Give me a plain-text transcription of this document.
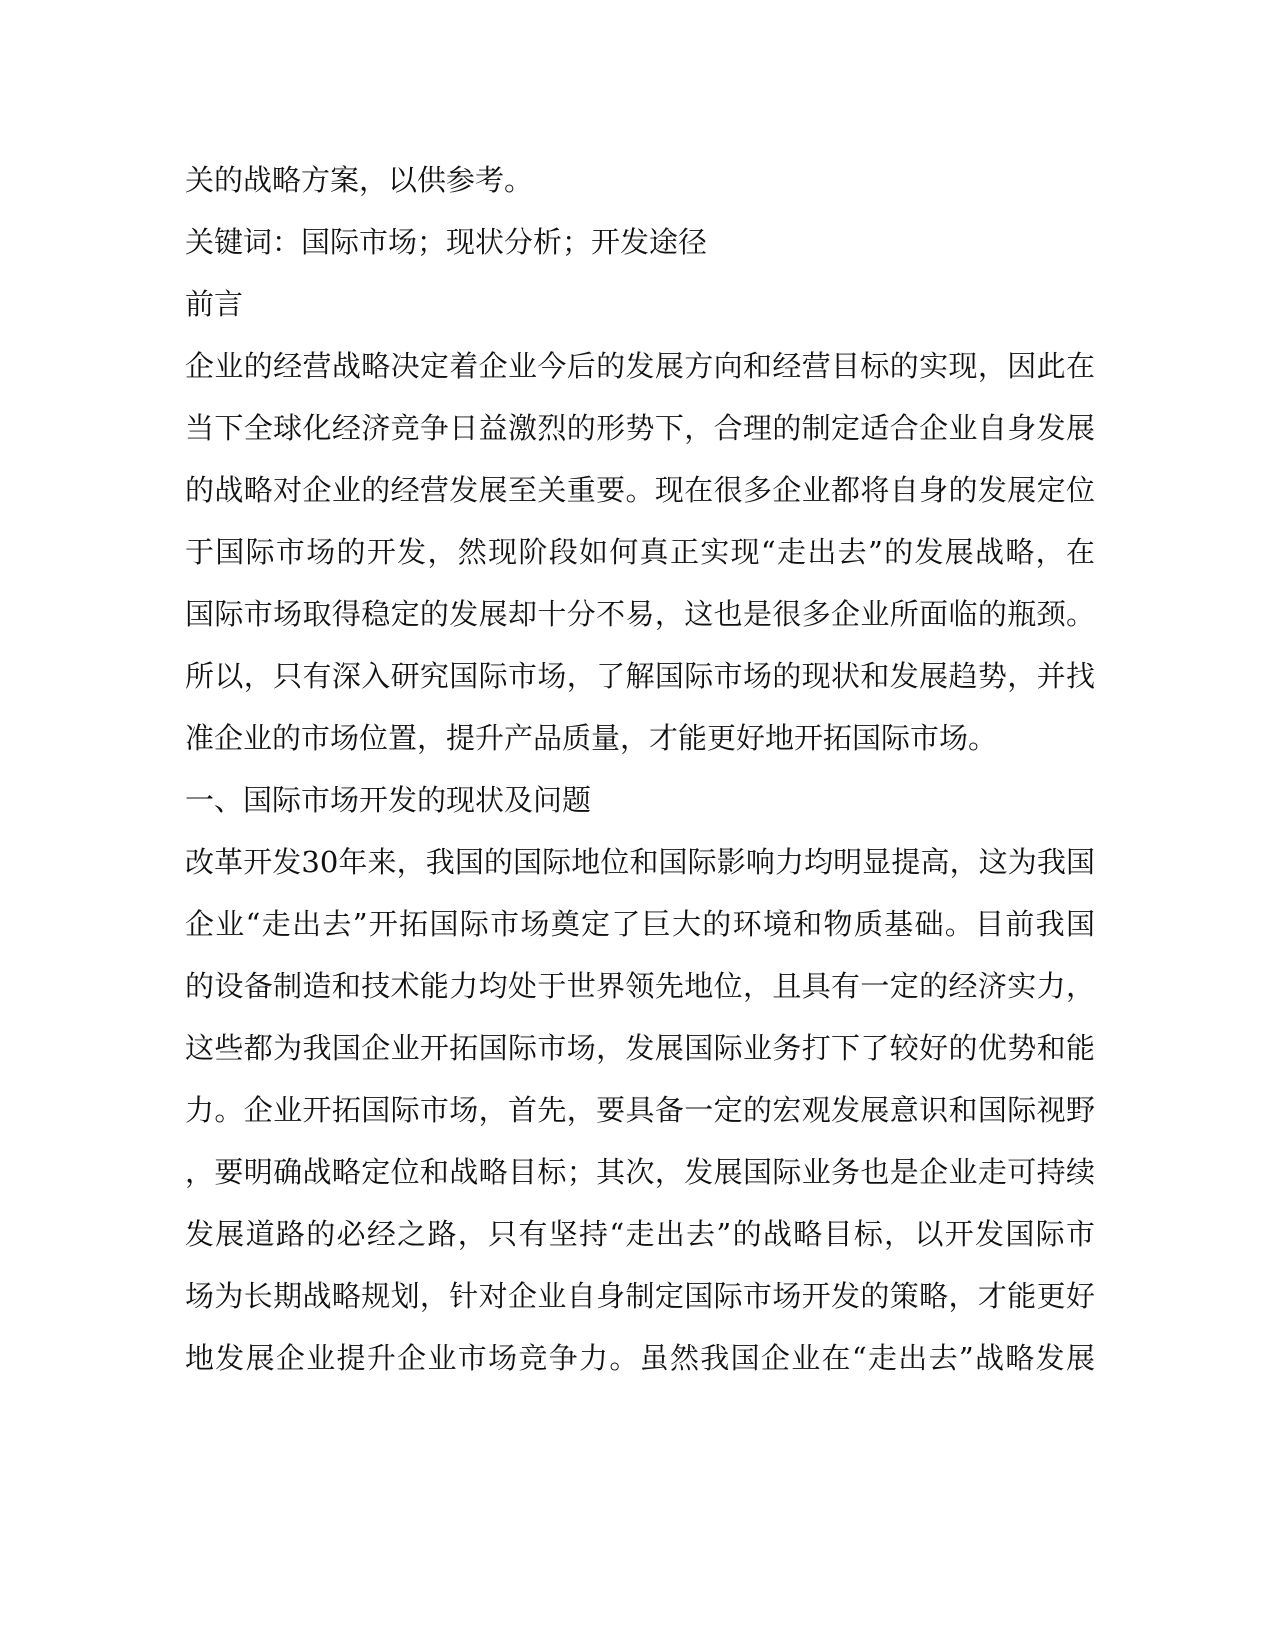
关的战略方案，以供参考。
关键词：国际市场；现状分析；开发途径
前言
企业的经营战略决定着企业今后的发展方向和经营目标的实现，因此在
当下全球化经济竞争日益激烈的形势下，合理的制定适合企业自身发展
的战略对企业的经营发展至关重要。现在很多企业都将自身的发展定位
于国际市场的开发，然现阶段如何真正实现“走出去”的发展战略，在
国际市场取得稳定的发展却十分不易，这也是很多企业所面临的瓶颈。
所以，只有深入研究国际市场，了解国际市场的现状和发展趋势，并找
准企业的市场位置，提升产品质量，才能更好地开拓国际市场。
一、国际市场开发的现状及问题
改革开发30年来，我国的国际地位和国际影响力均明显提高，这为我国
企业“走出去”开拓国际市场奠定了巨大的环境和物质基础。目前我国
的设备制造和技术能力均处于世界领先地位，且具有一定的经济实力，
这些都为我国企业开拓国际市场，发展国际业务打下了较好的优势和能
力。企业开拓国际市场，首先，要具备一定的宏观发展意识和国际视野
，要明确战略定位和战略目标；其次，发展国际业务也是企业走可持续
发展道路的必经之路，只有坚持“走出去”的战略目标，以开发国际市
场为长期战略规划，针对企业自身制定国际市场开发的策略，才能更好
地发展企业提升企业市场竞争力。虽然我国企业在“走出去”战略发展
